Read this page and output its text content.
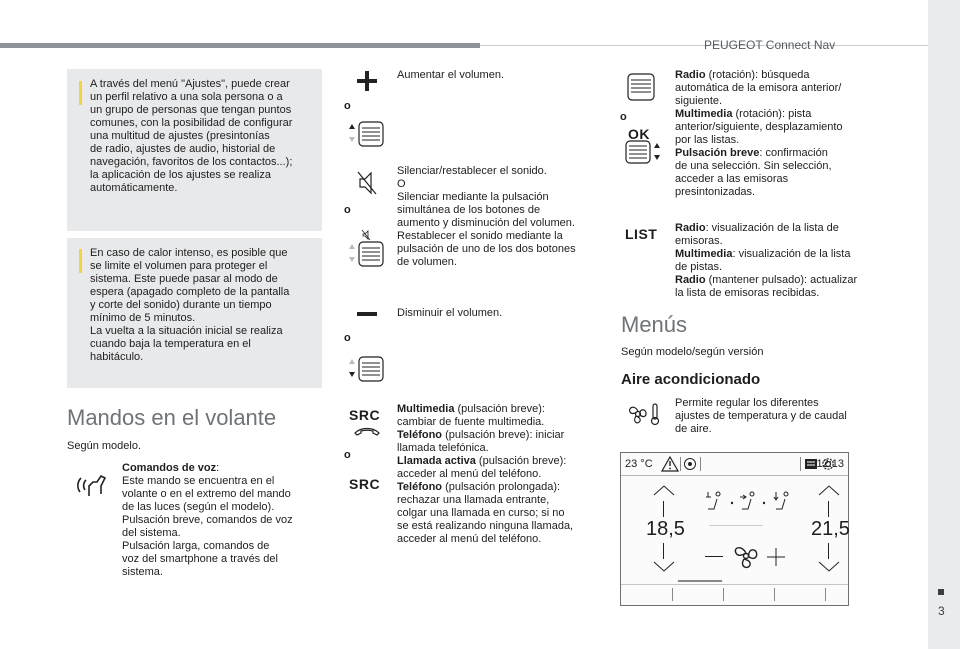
PEUGEOT Connect Nav
3
A través del menú "Ajustes", puede crear
un perfil relativo a una sola persona o a
un grupo de personas que tengan puntos
comunes, con la posibilidad de configurar
una multitud de ajustes (presintonías
de radio, ajustes de audio, historial de
navegación, favoritos de los contactos...);
la aplicación de los ajustes se realiza
automáticamente.
En caso de calor intenso, es posible que
se limite el volumen para proteger el
sistema. Este puede pasar al modo de
espera (apagado completo de la pantalla
y corte del sonido) durante un tiempo
mínimo de 5 minutos.
La vuelta a la situación inicial se realiza
cuando baja la temperatura en el
habitáculo.
Mandos en el volante
Según modelo.
Comandos de voz:
Este mando se encuentra en el
volante o en el extremo del mando
de las luces (según el modelo).
Pulsación breve, comandos de voz
del sistema.
Pulsación larga, comandos de
voz del smartphone a través del
sistema.
o
Aumentar el volumen.
o
Silenciar/restablecer el sonido.
O
Silenciar mediante la pulsación
simultánea de los botones de
aumento y disminución del volumen.
Restablecer el sonido mediante la
pulsación de uno de los dos botones
de volumen.
o
Disminuir el volumen.
SRC
o
SRC
Multimedia (pulsación breve):
cambiar de fuente multimedia.
Teléfono (pulsación breve): iniciar
llamada telefónica.
Llamada activa (pulsación breve):
acceder al menú del teléfono.
Teléfono (pulsación prolongada):
rechazar una llamada entrante,
colgar una llamada en curso; si no
se está realizando ninguna llamada,
acceder al menú del teléfono.
o
OK
Radio (rotación): búsqueda
automática de la emisora anterior/
siguiente.
Multimedia (rotación): pista
anterior/siguiente, desplazamiento
por las listas.
Pulsación breve: confirmación
de una selección. Sin selección,
acceder a las emisoras
presintonizadas.
LIST Radio: visualización de la lista de
emisoras.
Multimedia: visualización de la lista
de pistas.
Radio (mantener pulsado): actualizar
la lista de emisoras recibidas.
Menús
Según modelo/según versión
Aire acondicionado
Permite regular los diferentes
ajustes de temperatura y de caudal
de aire.
23 °C	12:13
18,5	21,5
